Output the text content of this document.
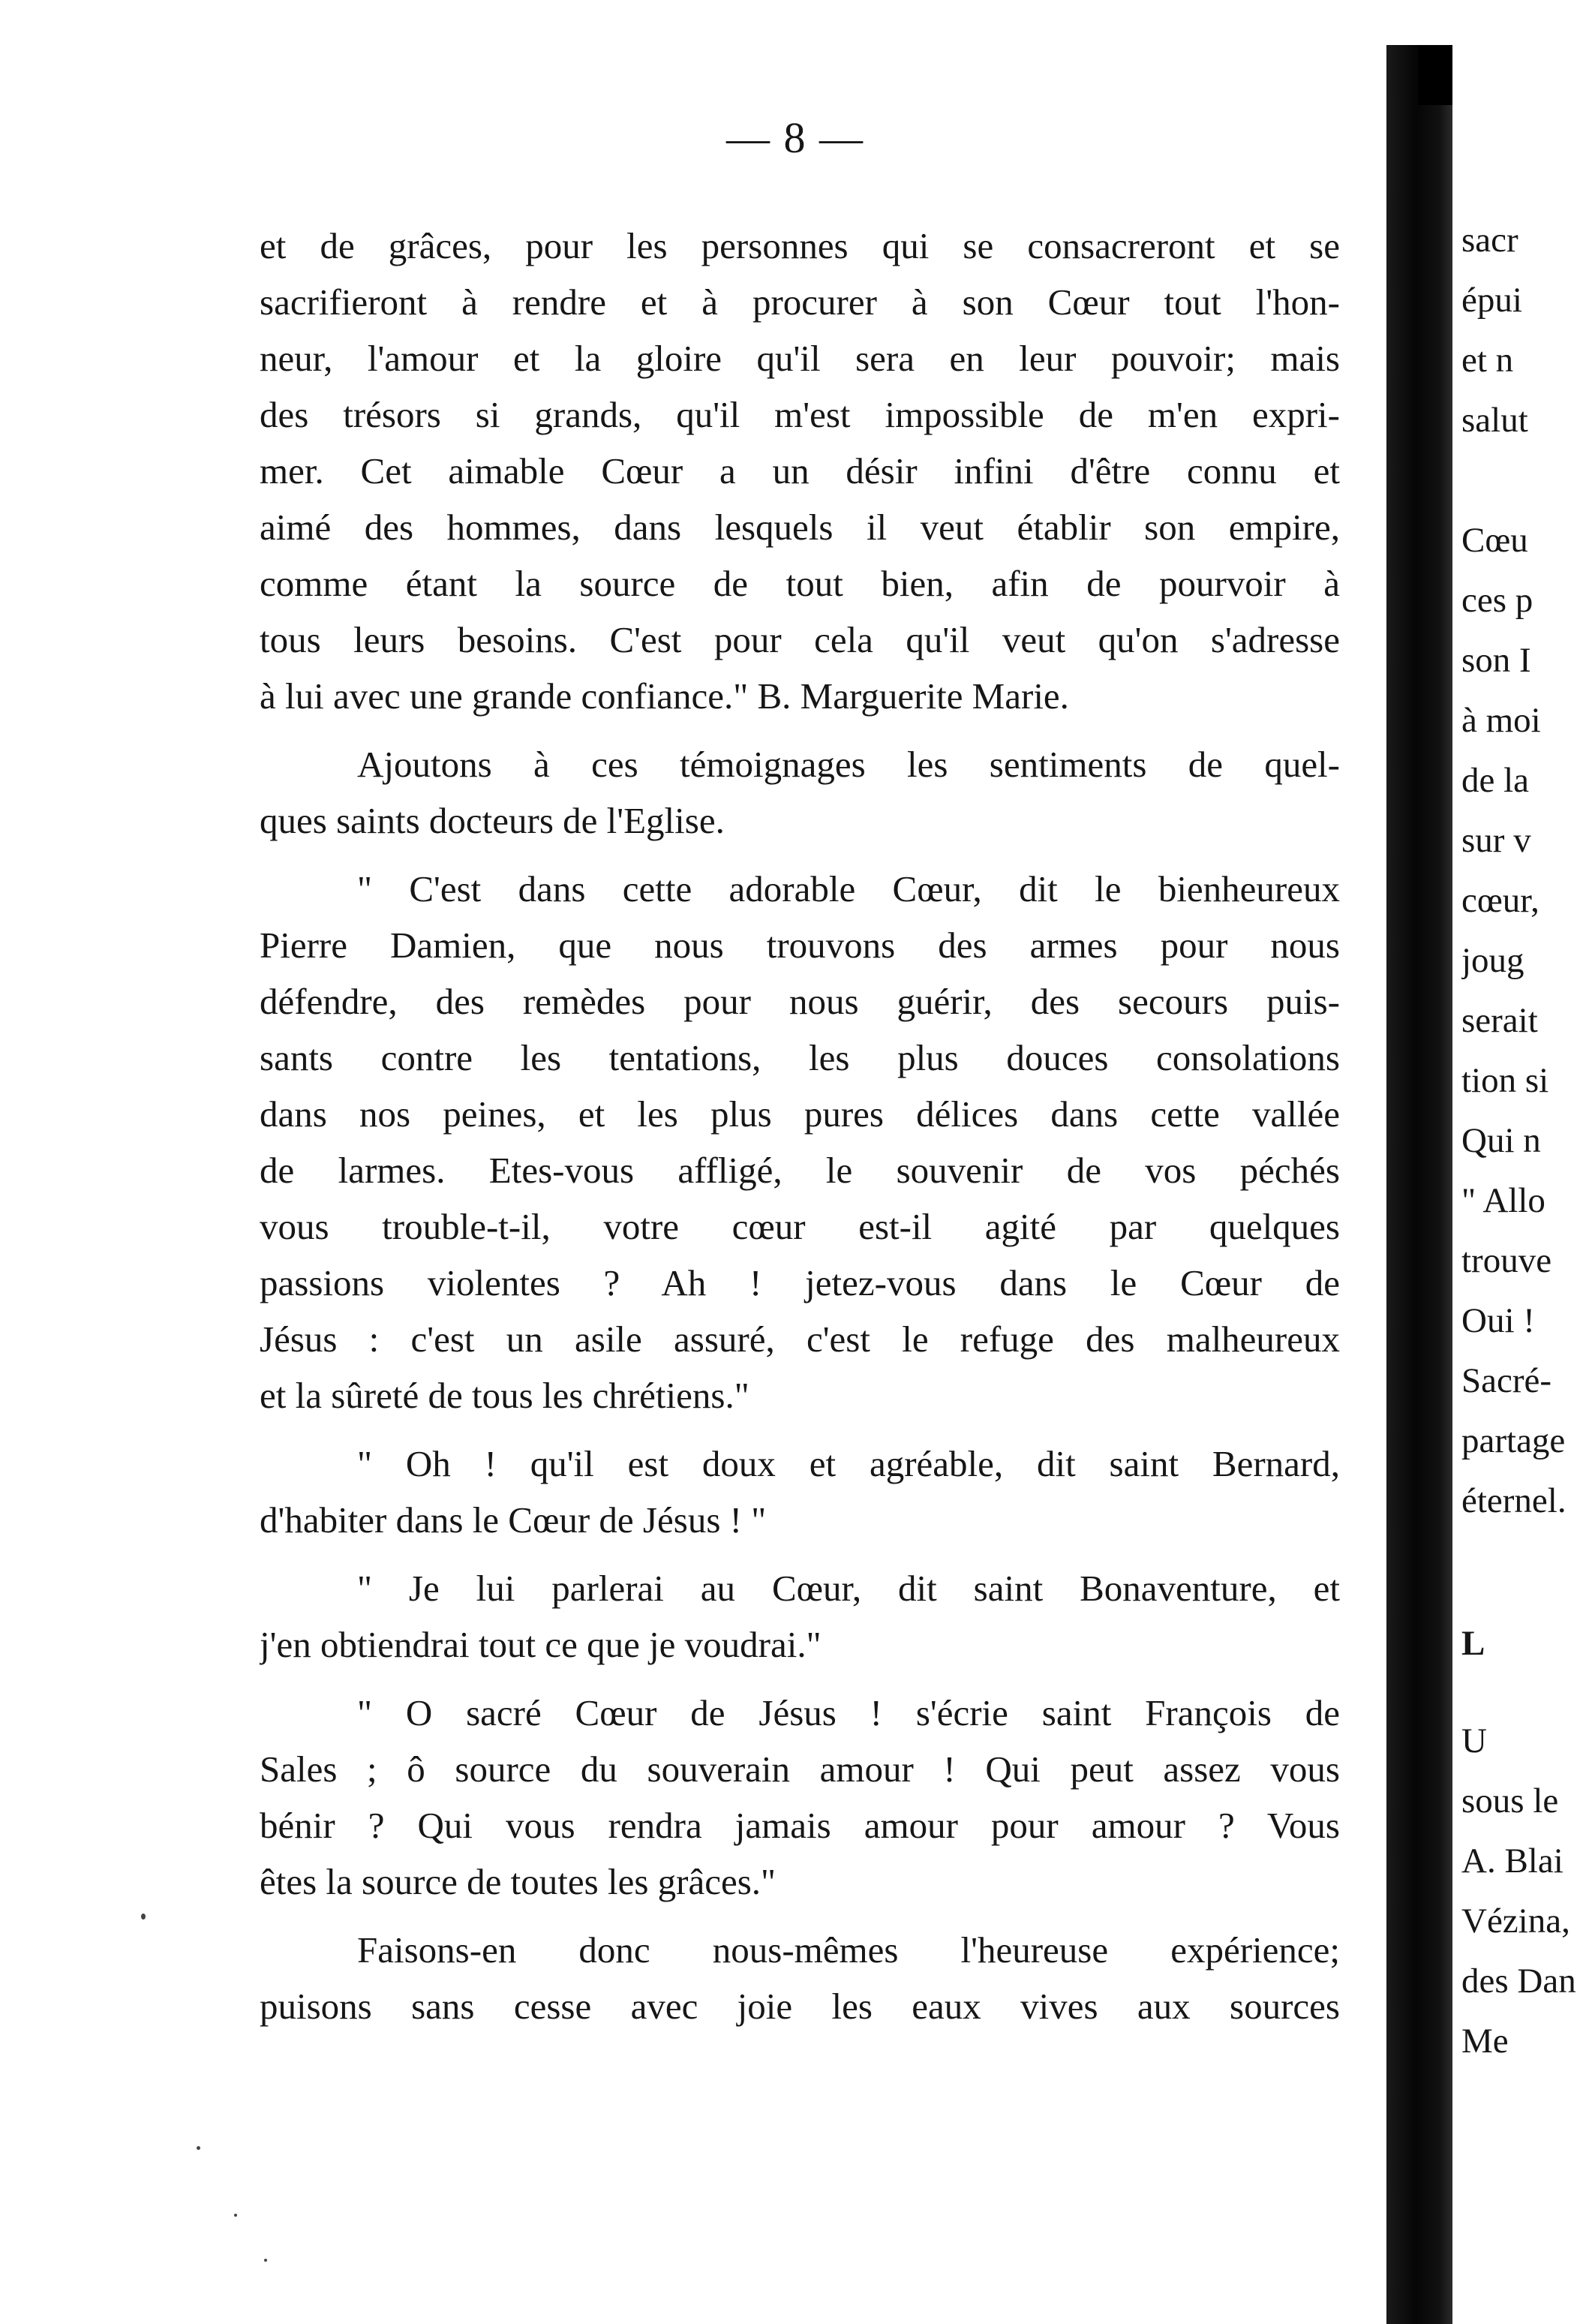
— 8 —
et de grâces, pour les personnes qui se consacreront et se
sacrifieront à rendre et à procurer à son Cœur tout l'hon-
neur, l'amour et la gloire qu'il sera en leur pouvoir; mais
des trésors si grands, qu'il m'est impossible de m'en expri-
mer. Cet aimable Cœur a un désir infini d'être connu et
aimé des hommes, dans lesquels il veut établir son empire,
comme étant la source de tout bien, afin de pourvoir à
tous leurs besoins. C'est pour cela qu'il veut qu'on s'adresse
à lui avec une grande confiance." B. Marguerite Marie.
Ajoutons à ces témoignages les sentiments de quel-
ques saints docteurs de l'Eglise.
" C'est dans cette adorable Cœur, dit le bienheureux
Pierre Damien, que nous trouvons des armes pour nous
défendre, des remèdes pour nous guérir, des secours puis-
sants contre les tentations, les plus douces consolations
dans nos peines, et les plus pures délices dans cette vallée
de larmes. Etes-vous affligé, le souvenir de vos péchés
vous trouble-t-il, votre cœur est-il agité par quelques
passions violentes ? Ah ! jetez-vous dans le Cœur de
Jésus : c'est un asile assuré, c'est le refuge des malheureux
et la sûreté de tous les chrétiens."
" Oh ! qu'il est doux et agréable, dit saint Bernard,
d'habiter dans le Cœur de Jésus ! "
" Je lui parlerai au Cœur, dit saint Bonaventure, et
j'en obtiendrai tout ce que je voudrai."
" O sacré Cœur de Jésus ! s'écrie saint François de
Sales ; ô source du souverain amour ! Qui peut assez vous
bénir ? Qui vous rendra jamais amour pour amour ? Vous
êtes la source de toutes les grâces."
Faisons-en donc nous-mêmes l'heureuse expérience;
puisons sans cesse avec joie les eaux vives aux sources
sacr
épui
et n
salut
Cœu
ces p
son I
à moi
de la
sur v
cœur,
joug
serait
tion si
Qui n
" Allo
trouve
Oui !
Sacré-
partage
éternel.
L
U
sous le
A. Blai
Vézina,
des Dan
Me
